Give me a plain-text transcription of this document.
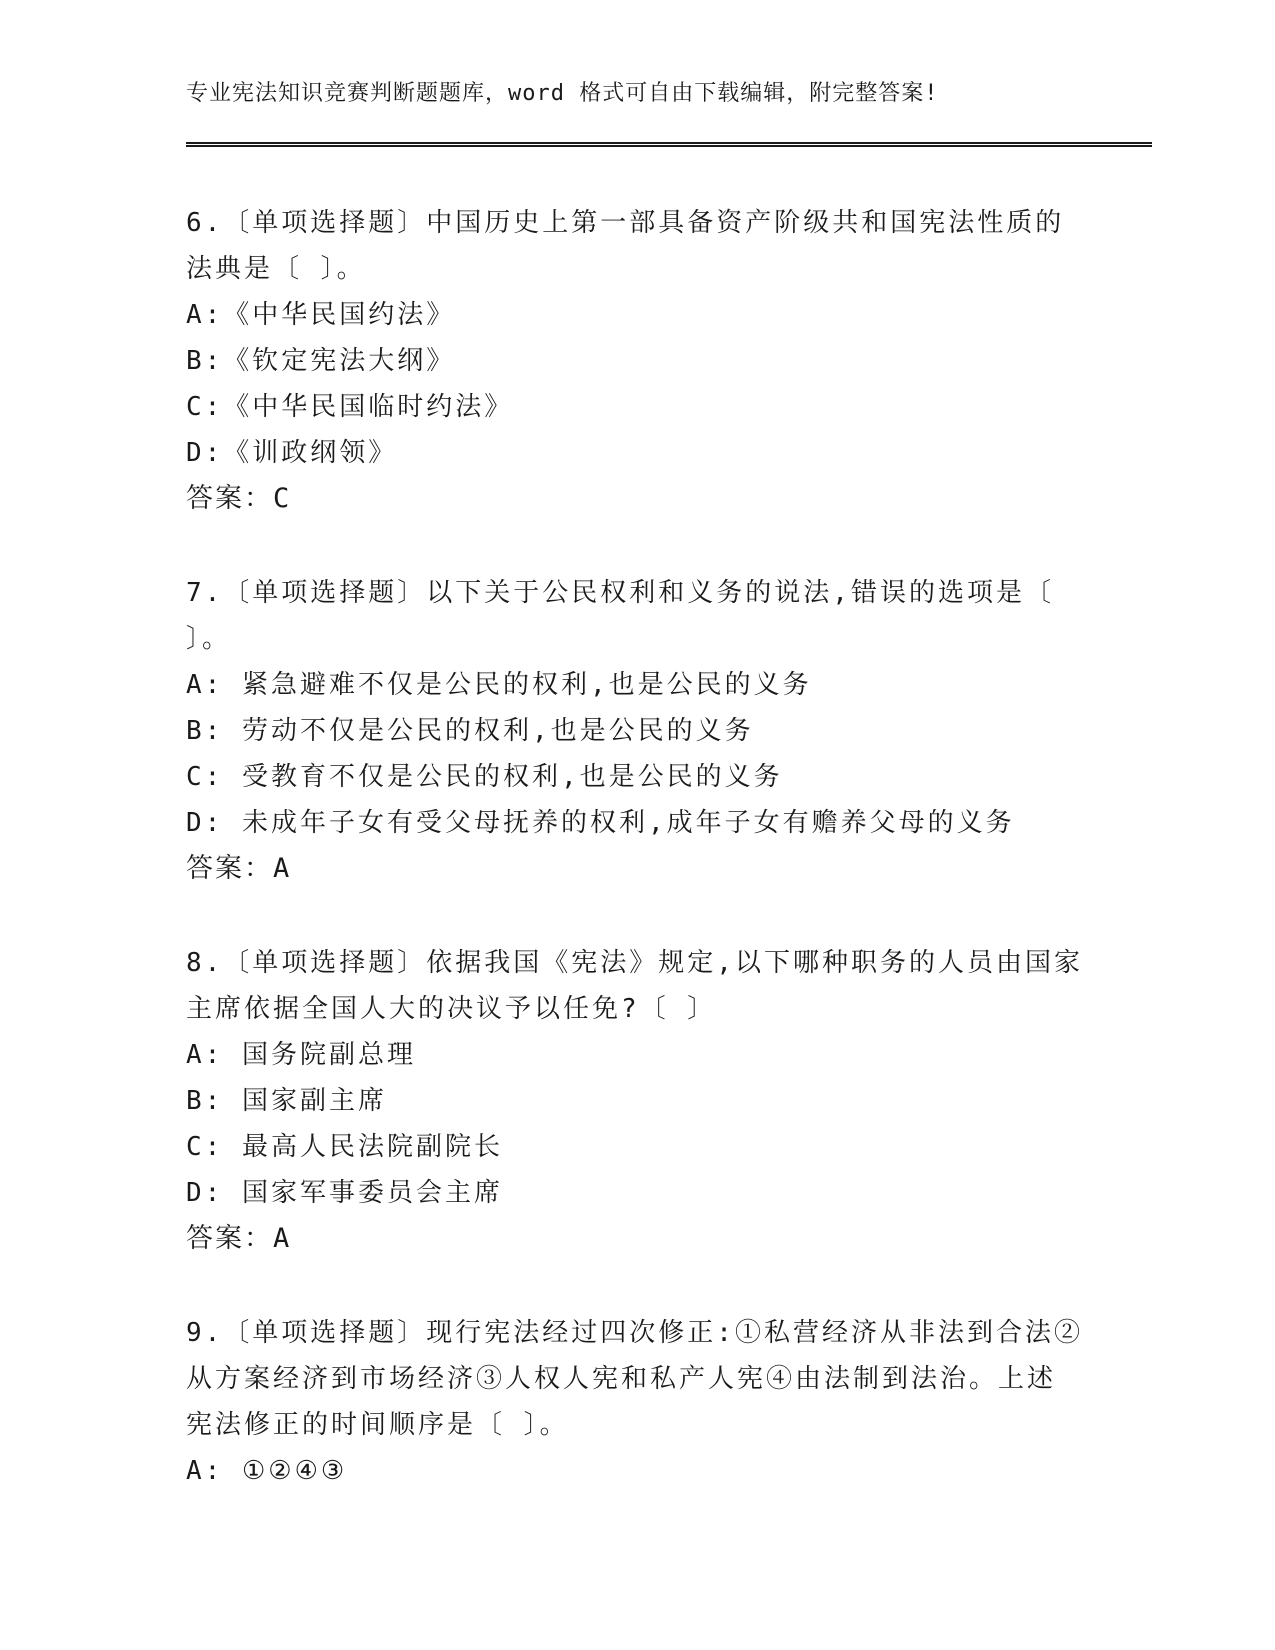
专业宪法知识竞赛判断题题库，word 格式可自由下载编辑，附完整答案!
6.〔单项选择题〕中国历史上第一部具备资产阶级共和国宪法性质的
法典是〔 〕。
A:《中华民国约法》
B:《钦定宪法大纲》
C:《中华民国临时约法》
D:《训政纲领》
答案：C
7.〔单项选择题〕以下关于公民权利和义务的说法,错误的选项是〔
〕。
A: 紧急避难不仅是公民的权利,也是公民的义务
B: 劳动不仅是公民的权利,也是公民的义务
C: 受教育不仅是公民的权利,也是公民的义务
D: 未成年子女有受父母抚养的权利,成年子女有赡养父母的义务
答案：A
8.〔单项选择题〕依据我国《宪法》规定,以下哪种职务的人员由国家
主席依据全国人大的决议予以任免?〔 〕
A: 国务院副总理
B: 国家副主席
C: 最高人民法院副院长
D: 国家军事委员会主席
答案：A
9.〔单项选择题〕现行宪法经过四次修正:①私营经济从非法到合法②
从方案经济到市场经济③人权人宪和私产人宪④由法制到法治。上述
宪法修正的时间顺序是〔 〕。
A: ①②④③
